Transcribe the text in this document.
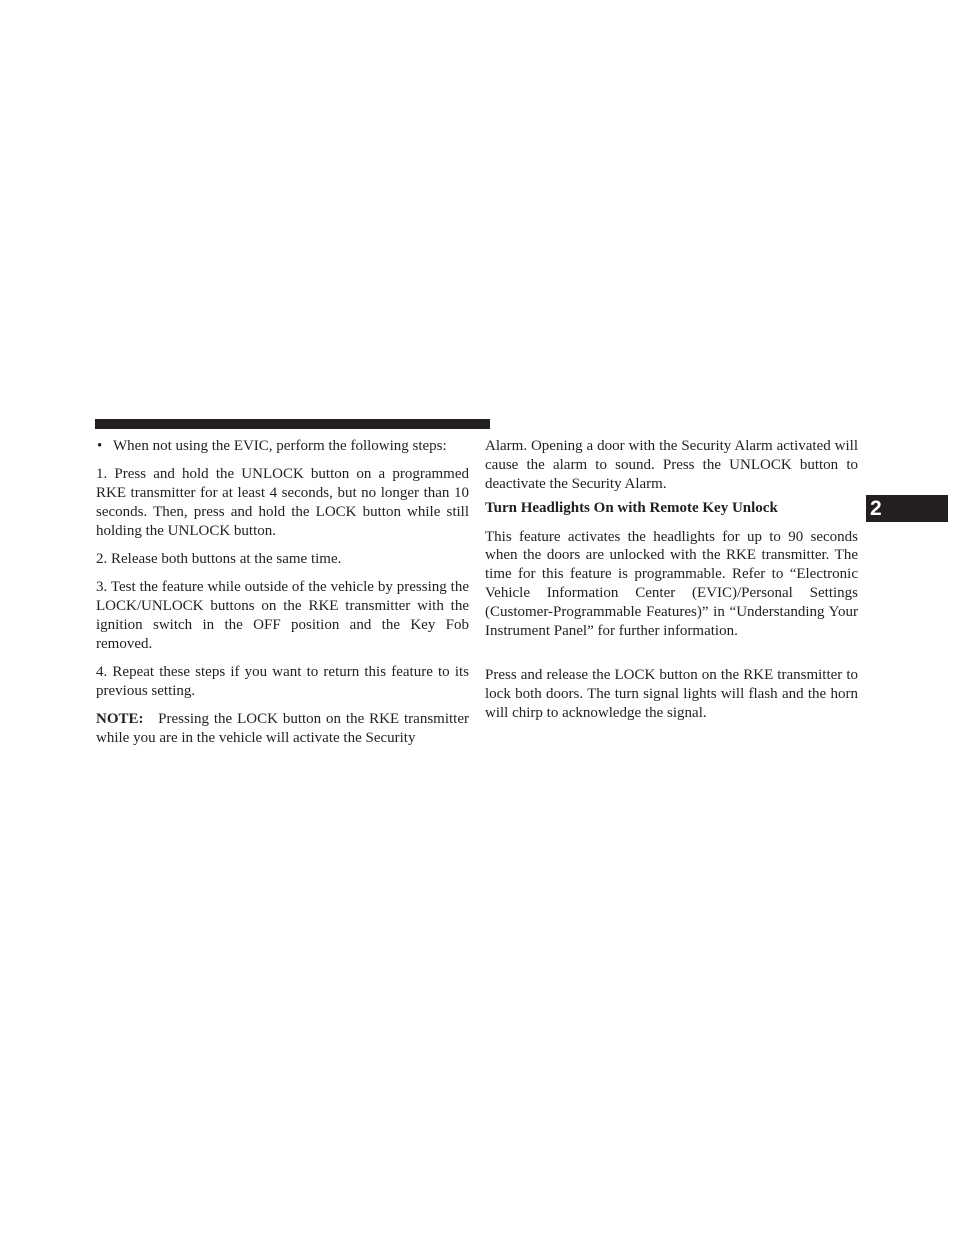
• When not using the EVIC, perform the following steps:

1. Press and hold the UNLOCK button on a programmed RKE transmitter for at least 4 seconds, but no longer than 10 seconds. Then, press and hold the LOCK button while still holding the UNLOCK button.

2. Release both buttons at the same time.

3. Test the feature while outside of the vehicle by pressing the LOCK/UNLOCK buttons on the RKE transmitter with the ignition switch in the OFF position and the Key Fob removed.

4. Repeat these steps if you want to return this feature to its previous setting.

NOTE: Pressing the LOCK button on the RKE transmitter while you are in the vehicle will activate the Security

Alarm. Opening a door with the Security Alarm activated will cause the alarm to sound. Press the UNLOCK button to deactivate the Security Alarm.

Turn Headlights On with Remote Key Unlock

This feature activates the headlights for up to 90 seconds when the doors are unlocked with the RKE transmitter. The time for this feature is programmable. Refer to “Electronic Vehicle Information Center (EVIC)/Personal Settings (Customer-Programmable Features)” in “Understanding Your Instrument Panel” for further information.

Press and release the LOCK button on the RKE transmitter to lock both doors. The turn signal lights will flash and the horn will chirp to acknowledge the signal.

2
